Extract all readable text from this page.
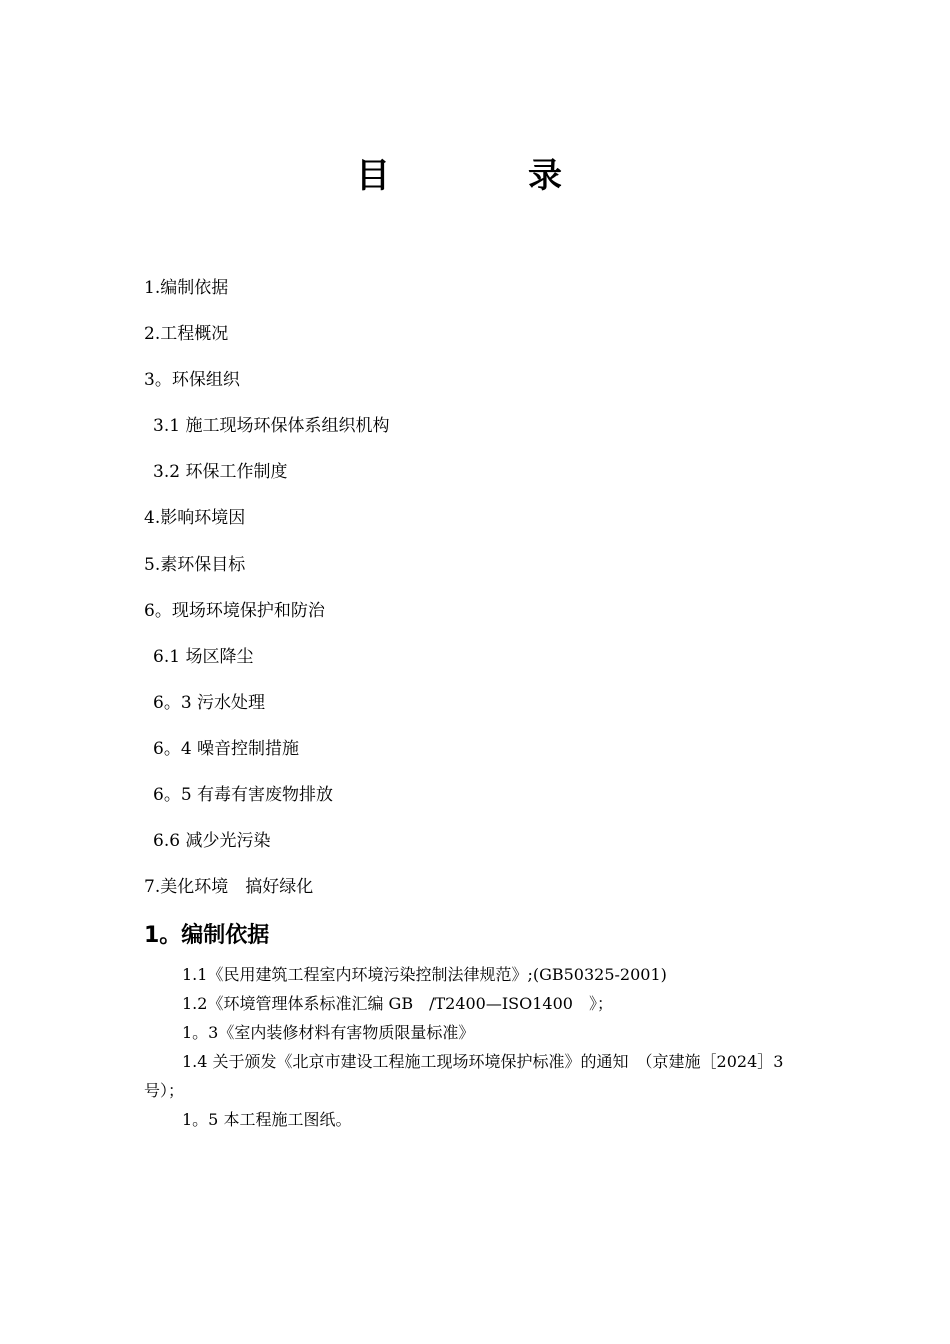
目	录
1.编制依据
2.工程概况
3。环保组织
3.1 施工现场环保体系组织机构
3.2 环保工作制度
4.影响环境因
5.素环保目标
6。现场环境保护和防治
6.1 场区降尘
6。3 污水处理
6。4 噪音控制措施
6。5 有毒有害废物排放
6.6 减少光污染
7.美化环境　搞好绿化
1。编制依据

1.1《民用建筑工程室内环境污染控制法律规范》;(GB50325-2001)

1.2《环境管理体系标准汇编 GB　/T2400—ISO1400　》；

1。3《室内装修材料有害物质限量标准》

1.4 关于颁发《北京市建设工程施工现场环境保护标准》的通知　（京建施［2024］3 号）；

1。5 本工程施工图纸。
